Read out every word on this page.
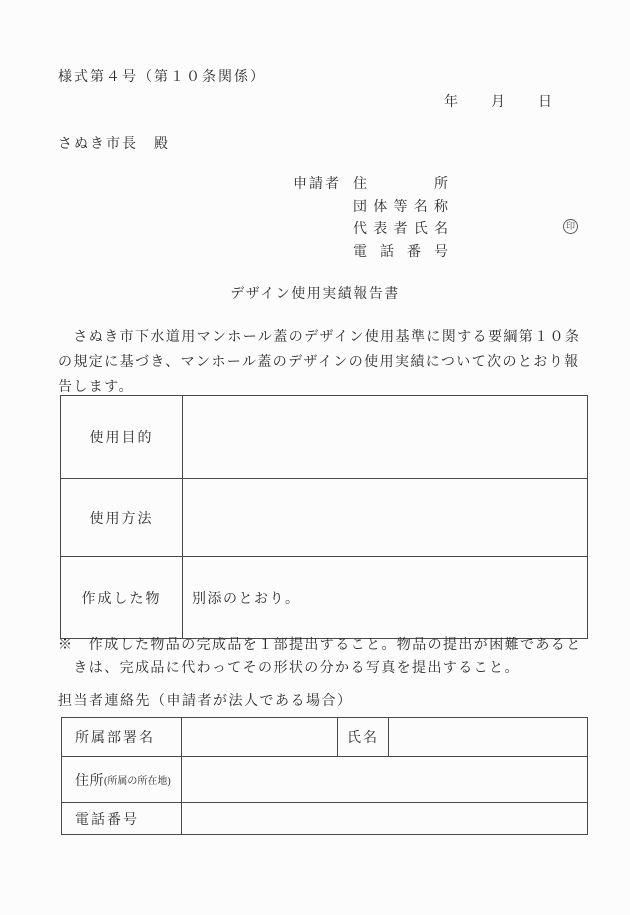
様式第４号（第１０条関係）
年 月 日
さぬき市長　殿
申請者 住所
団体等名称
代表者氏名
電話番号
印
デザイン使用実績報告書
　さぬき市下水道用マンホール蓋のデザイン使用基準に関する要綱第１０条
の規定に基づき、マンホール蓋のデザインの使用実績について次のとおり報
告します。
使用目的
使用方法
作成した物	別添のとおり。
※　作成した物品の完成品を１部提出すること。物品の提出が困難であると
　きは、完成品に代わってその形状の分かる写真を提出すること。
担当者連絡先（申請者が法人である場合）
所属部署名	氏名
住所 (所属の所在地)
電話番号
